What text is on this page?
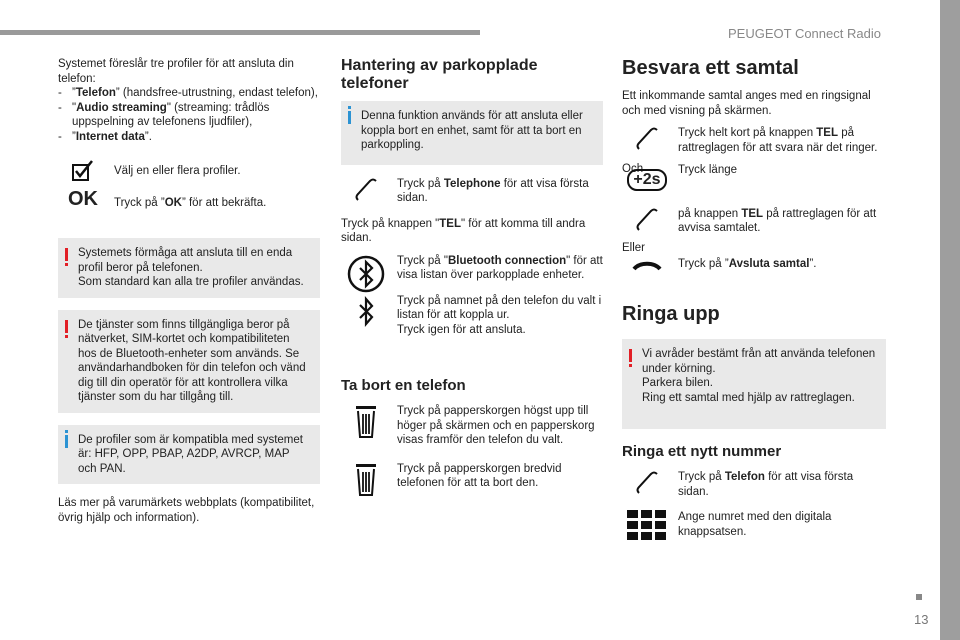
PEUGEOT Connect Radio
13

Systemet föreslår tre profiler för att ansluta din telefon:

- ”Telefon” (handsfree-utrustning, endast telefon),
- "Audio streaming" (streaming: trådlös uppspelning av telefonens ljudfiler),
- ”Internet data”.

Välj en eller flera profiler.

OK Tryck på ”OK” för att bekräfta.

Systemets förmåga att ansluta till en enda profil beror på telefonen.
Som standard kan alla tre profiler användas.

De tjänster som finns tillgängliga beror på nätverket, SIM-kortet och kompatibiliteten hos de Bluetooth-enheter som används. Se användarhandboken för din telefon och vänd dig till din operatör för att kontrollera vilka tjänster som du har tillgång till.

De profiler som är kompatibla med systemet är: HFP, OPP, PBAP, A2DP, AVRCP, MAP och PAN.

Läs mer på varumärkets webbplats (kompatibilitet, övrig hjälp och information).

Hantering av parkopplade telefoner

Denna funktion används för att ansluta eller koppla bort en enhet, samt för att ta bort en parkoppling.

Tryck på Telephone för att visa första sidan.

Tryck på knappen "TEL" för att komma till andra sidan.

Tryck på "Bluetooth connection" för att visa listan över parkopplade enheter.

Tryck på namnet på den telefon du valt i listan för att koppla ur.
Tryck igen för att ansluta.

Ta bort en telefon

Tryck på papperskorgen högst upp till höger på skärmen och en papperskorg visas framför den telefon du valt.

Tryck på papperskorgen bredvid telefonen för att ta bort den.

Besvara ett samtal

Ett inkommande samtal anges med en ringsignal och med visning på skärmen.

Tryck helt kort på knappen TEL på rattreglagen för att svara när det ringer.

Och

+2s

Tryck länge

på knappen TEL på rattreglagen för att avvisa samtalet.

Eller

Tryck på ”Avsluta samtal”.

Ringa upp

Vi avråder bestämt från att använda telefonen under körning.
Parkera bilen.
Ring ett samtal med hjälp av rattreglagen.

Ringa ett nytt nummer

Tryck på Telefon för att visa första sidan.

Ange numret med den digitala knappsatsen.
